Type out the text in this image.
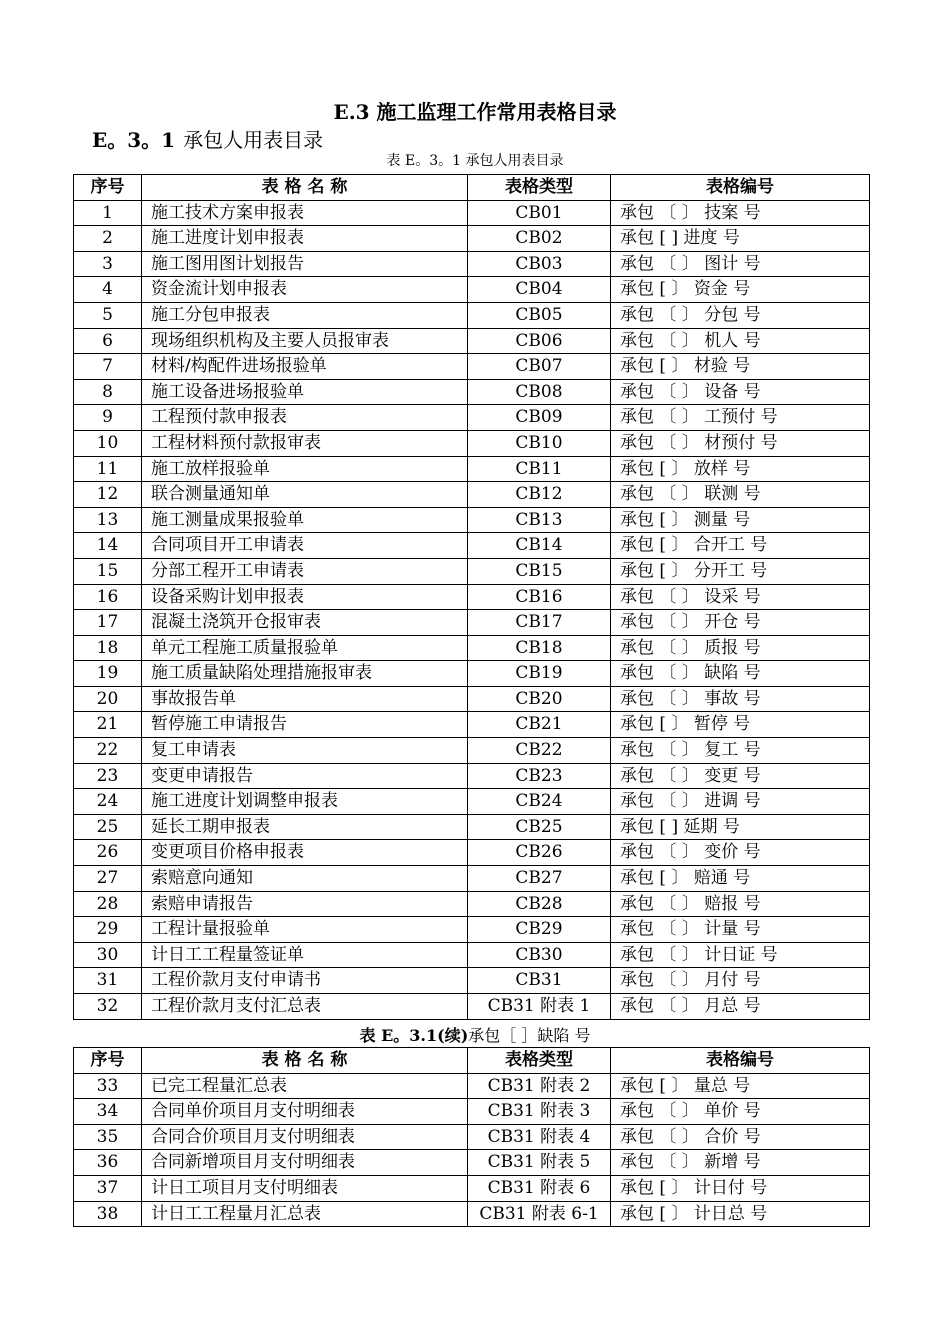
E.3 施工监理工作常用表格目录
E。3。1 承包人用表目录
表 E。3。1 承包人用表目录
序号	表 格 名 称	表格类型	表格编号
1	施工技术方案申报表	CB01	承包 〔 〕 技案 号
2	施工进度计划申报表	CB02	承包 [ ] 进度 号
3	施工图用图计划报告	CB03	承包 〔 〕 图计 号
4	资金流计划申报表	CB04	承包 [ 〕 资金 号
5	施工分包申报表	CB05	承包 〔 〕 分包 号
6	现场组织机构及主要人员报审表	CB06	承包 〔 〕 机人 号
7	材料/构配件进场报验单	CB07	承包 [ 〕 材验 号
8	施工设备进场报验单	CB08	承包 〔 〕 设备 号
9	工程预付款申报表	CB09	承包 〔 〕 工预付 号
10	工程材料预付款报审表	CB10	承包 〔 〕 材预付 号
11	施工放样报验单	CB11	承包 [ 〕 放样 号
12	联合测量通知单	CB12	承包 〔 〕 联测 号
13	施工测量成果报验单	CB13	承包 [ 〕 测量 号
14	合同项目开工申请表	CB14	承包 [ 〕 合开工 号
15	分部工程开工申请表	CB15	承包 [ 〕 分开工 号
16	设备采购计划申报表	CB16	承包 〔 〕 设采 号
17	混凝土浇筑开仓报审表	CB17	承包 〔 〕 开仓 号
18	单元工程施工质量报验单	CB18	承包 〔 〕 质报 号
19	施工质量缺陷处理措施报审表	CB19	承包 〔 〕 缺陷 号
20	事故报告单	CB20	承包 〔 〕 事故 号
21	暂停施工申请报告	CB21	承包 [ 〕 暂停 号
22	复工申请表	CB22	承包 〔 〕 复工 号
23	变更申请报告	CB23	承包 〔 〕 变更 号
24	施工进度计划调整申报表	CB24	承包 〔 〕 进调 号
25	延长工期申报表	CB25	承包 [ ] 延期 号
26	变更项目价格申报表	CB26	承包 〔 〕 变价 号
27	索赔意向通知	CB27	承包 [ 〕 赔通 号
28	索赔申请报告	CB28	承包 〔 〕 赔报 号
29	工程计量报验单	CB29	承包 〔 〕 计量 号
30	计日工工程量签证单	CB30	承包 〔 〕 计日证 号
31	工程价款月支付申请书	CB31	承包 〔 〕 月付 号
32	工程价款月支付汇总表	CB31 附表 1	承包 〔 〕 月总 号
表 E。3.1(续)承包［ ］缺陷 号
序号	表 格 名 称	表格类型	表格编号
33	已完工程量汇总表	CB31 附表 2	承包 [ 〕 量总 号
34	合同单价项目月支付明细表	CB31 附表 3	承包 〔 〕 单价 号
35	合同合价项目月支付明细表	CB31 附表 4	承包 〔 〕 合价 号
36	合同新增项目月支付明细表	CB31 附表 5	承包 〔 〕 新增 号
37	计日工项目月支付明细表	CB31 附表 6	承包 [ 〕 计日付 号
38	计日工工程量月汇总表	CB31 附表 6-1	承包 [ 〕 计日总 号
